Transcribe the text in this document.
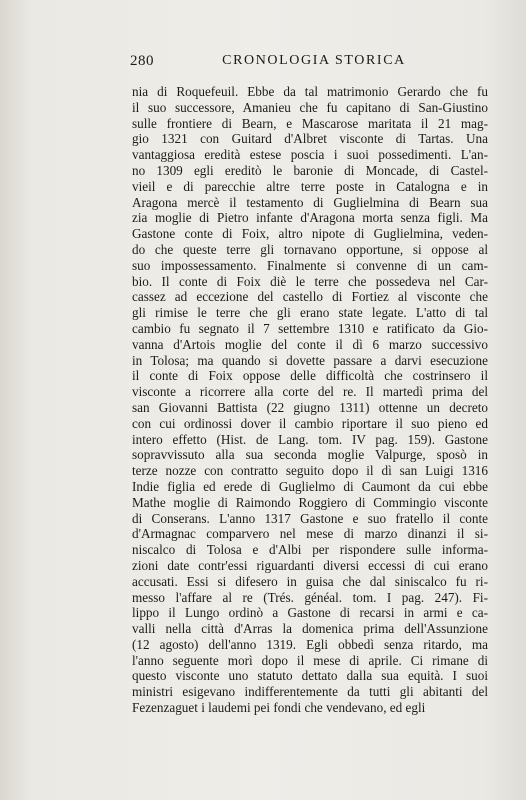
280	CRONOLOGIA STORICA
nia di Roquefeuil. Ebbe da tal matrimonio Gerardo che fu
il suo successore, Amanieu che fu capitano di San-Giustino
sulle frontiere di Bearn, e Mascarose maritata il 21 mag-
gio 1321 con Guitard d'Albret visconte di Tartas. Una
vantaggiosa eredità estese poscia i suoi possedimenti. L'an-
no 1309 egli ereditò le baronie di Moncade, di Castel-
vieil e di parecchie altre terre poste in Catalogna e in
Aragona mercè il testamento di Guglielmina di Bearn sua
zia moglie di Pietro infante d'Aragona morta senza figli. Ma
Gastone conte di Foix, altro nipote di Guglielmina, veden-
do che queste terre gli tornavano opportune, si oppose al
suo impossessamento. Finalmente si convenne di un cam-
bio. Il conte di Foix diè le terre che possedeva nel Car-
cassez ad eccezione del castello di Fortiez al visconte che
gli rimise le terre che gli erano state legate. L'atto di tal
cambio fu segnato il 7 settembre 1310 e ratificato da Gio-
vanna d'Artois moglie del conte il dì 6 marzo successivo
in Tolosa; ma quando si dovette passare a darvi esecuzione
il conte di Foix oppose delle difficoltà che costrinsero il
visconte a ricorrere alla corte del re. Il martedì prima del
san Giovanni Battista (22 giugno 1311) ottenne un decreto
con cui ordinossi dover il cambio riportare il suo pieno ed
intero effetto (Hist. de Lang. tom. IV pag. 159). Gastone
sopravvissuto alla sua seconda moglie Valpurge, sposò in
terze nozze con contratto seguito dopo il dì san Luigi 1316
Indie figlia ed erede di Guglielmo di Caumont da cui ebbe
Mathe moglie di Raimondo Roggiero di Commingio visconte
di Conserans. L'anno 1317 Gastone e suo fratello il conte
d'Armagnac comparvero nel mese di marzo dinanzi il si-
niscalco di Tolosa e d'Albi per rispondere sulle informa-
zioni date contr'essi riguardanti diversi eccessi di cui erano
accusati. Essi si difesero in guisa che dal siniscalco fu ri-
messo l'affare al re (Trés. généal. tom. I pag. 247). Fi-
lippo il Lungo ordinò a Gastone di recarsi in armi e ca-
valli nella città d'Arras la domenica prima dell'Assunzione
(12 agosto) dell'anno 1319. Egli obbedì senza ritardo, ma
l'anno seguente morì dopo il mese di aprile. Ci rimane di
questo visconte uno statuto dettato dalla sua equità. I suoi
ministri esigevano indifferentemente da tutti gli abitanti del
Fezenzaguet i laudemi pei fondi che vendevano, ed egli
